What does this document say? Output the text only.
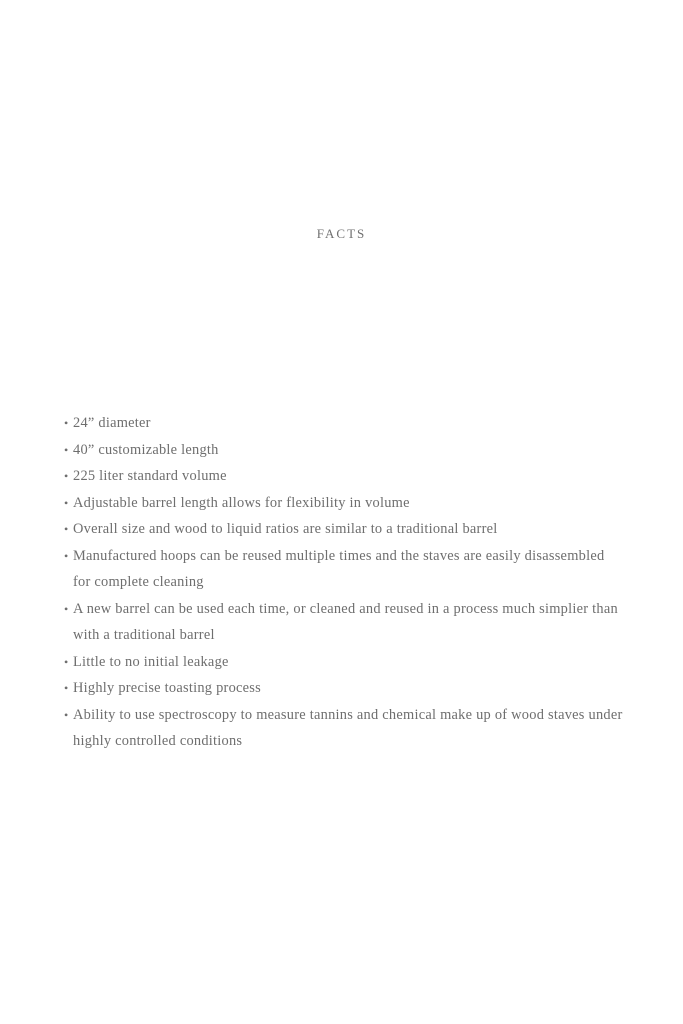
FACTS
• 24” diameter
• 40” customizable length
• 225 liter standard volume
• Adjustable barrel length allows for flexibility in volume
• Overall size and wood to liquid ratios are similar to a traditional barrel
• Manufactured hoops can be reused multiple times and the staves are easily disassembled for complete cleaning
• A new barrel can be used each time, or cleaned and reused in a process much simplier than with a traditional barrel
• Little to no initial leakage
• Highly precise toasting process
• Ability to use spectroscopy to measure tannins and chemical make up of wood staves under highly controlled conditions
